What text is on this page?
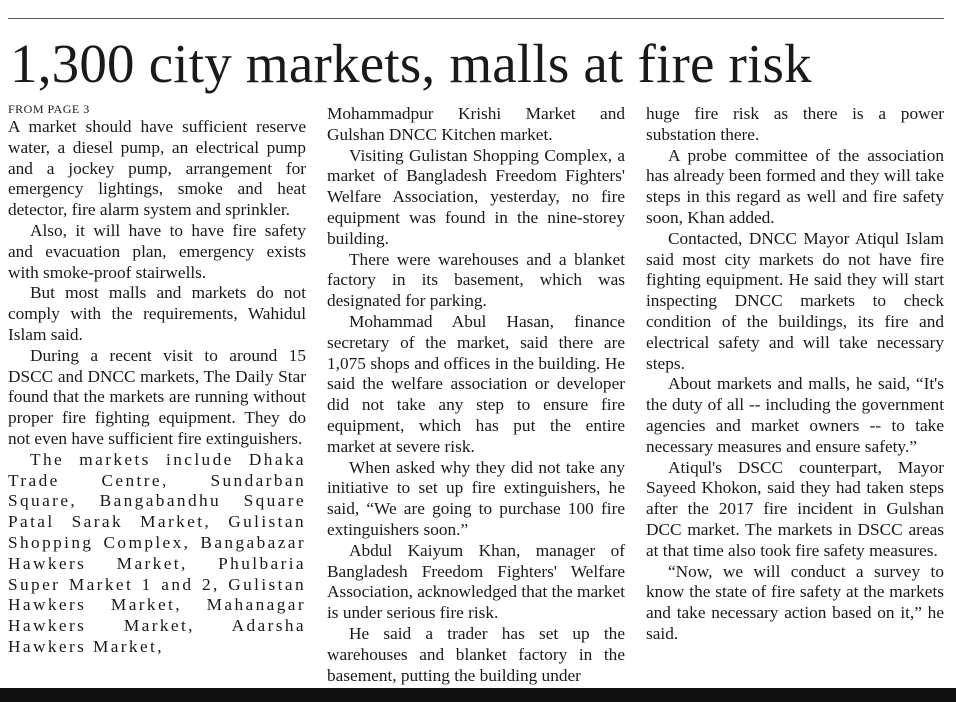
1,300 city markets, malls at fire risk
FROM PAGE 3

A market should have sufficient reserve water, a diesel pump, an electrical pump and a jockey pump, arrangement for emergency lightings, smoke and heat detector, fire alarm system and sprinkler.

Also, it will have to have fire safety and evacuation plan, emergency exists with smoke-proof stairwells.

But most malls and markets do not comply with the requirements, Wahidul Islam said.

During a recent visit to around 15 DSCC and DNCC markets, The Daily Star found that the markets are running without proper fire fighting equipment. They do not even have sufficient fire extinguishers.

The markets include Dhaka Trade Centre, Sundarban Square, Bangabandhu Square Patal Sarak Market, Gulistan Shopping Complex, Bangabazar Hawkers Market, Phulbaria Super Market 1 and 2, Gulistan Hawkers Market, Mahanagar Hawkers Market, Adarsha Hawkers Market,

Mohammadpur Krishi Market and Gulshan DNCC Kitchen market.

Visiting Gulistan Shopping Complex, a market of Bangladesh Freedom Fighters' Welfare Association, yesterday, no fire equipment was found in the nine-storey building.

There were warehouses and a blanket factory in its basement, which was designated for parking.

Mohammad Abul Hasan, finance secretary of the market, said there are 1,075 shops and offices in the building. He said the welfare association or developer did not take any step to ensure fire equipment, which has put the entire market at severe risk.

When asked why they did not take any initiative to set up fire extinguishers, he said, “We are going to purchase 100 fire extinguishers soon.”

Abdul Kaiyum Khan, manager of Bangladesh Freedom Fighters' Welfare Association, acknowledged that the market is under serious fire risk.

He said a trader has set up the warehouses and blanket factory in the basement, putting the building under

huge fire risk as there is a power substation there.

A probe committee of the association has already been formed and they will take steps in this regard as well and fire safety soon, Khan added.

Contacted, DNCC Mayor Atiqul Islam said most city markets do not have fire fighting equipment. He said they will start inspecting DNCC markets to check condition of the buildings, its fire and electrical safety and will take necessary steps.

About markets and malls, he said, “It's the duty of all -- including the government agencies and market owners -- to take necessary measures and ensure safety.”

Atiqul's DSCC counterpart, Mayor Sayeed Khokon, said they had taken steps after the 2017 fire incident in Gulshan DCC market. The markets in DSCC areas at that time also took fire safety measures.

“Now, we will conduct a survey to know the state of fire safety at the markets and take necessary action based on it,” he said.
